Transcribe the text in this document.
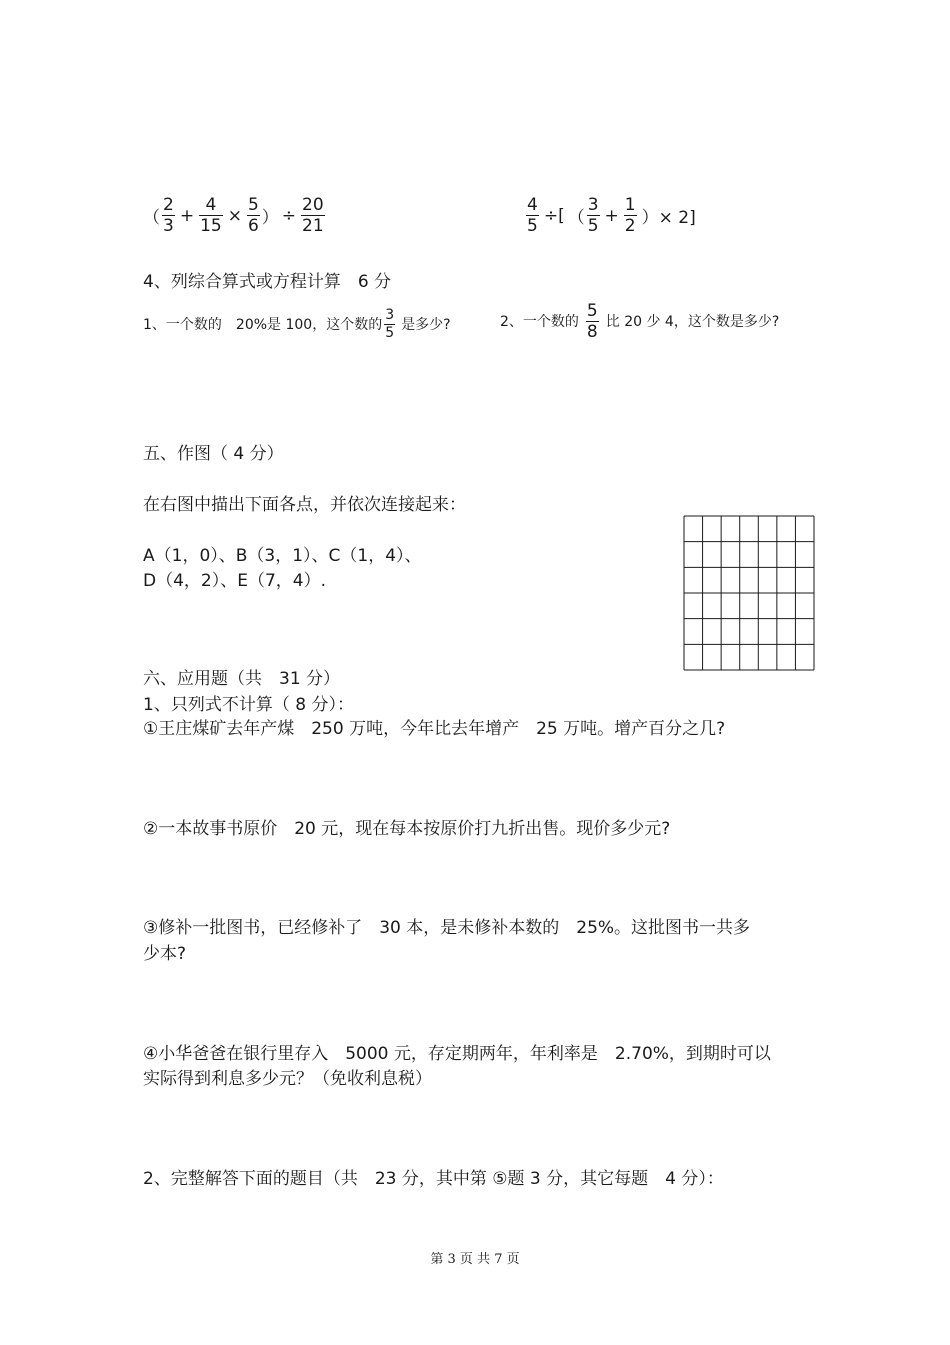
（ $\frac{2}{3} + \frac{4}{15} \times \frac{5}{6}$ ） ÷ $\frac{20}{21}$	$\frac{4}{5}$ ÷[ （ $\frac{3}{5} + \frac{1}{2}$ ）× 2]
4、列综合算式或方程计算　6 分
1、一个数的　20%是 100，这个数的 $\frac{3}{5}$ 是多少?	2、一个数的 $\frac{5}{8}$ 比 20 少 4，这个数是多少?
五、作图（ 4 分）
在右图中描出下面各点，并依次连接起来：
A（1，0）、B（3，1）、C（1，4）、
D（4，2）、E（7，4）.
六、应用题（共　31 分）
1、只列式不计算（ 8 分）：
①王庄煤矿去年产煤　250 万吨，今年比去年增产　25 万吨。增产百分之几?
②一本故事书原价　20 元，现在每本按原价打九折出售。现价多少元?
③修补一批图书，已经修补了　30 本，是未修补本数的　25%。这批图书一共多
少本?
④小华爸爸在银行里存入　5000 元，存定期两年，年利率是　2.70%，到期时可以
实际得到利息多少元？（免收利息税）
2、完整解答下面的题目（共　23 分，其中第 ⑤题 3 分，其它每题　4 分）：
第 3 页 共 7 页
